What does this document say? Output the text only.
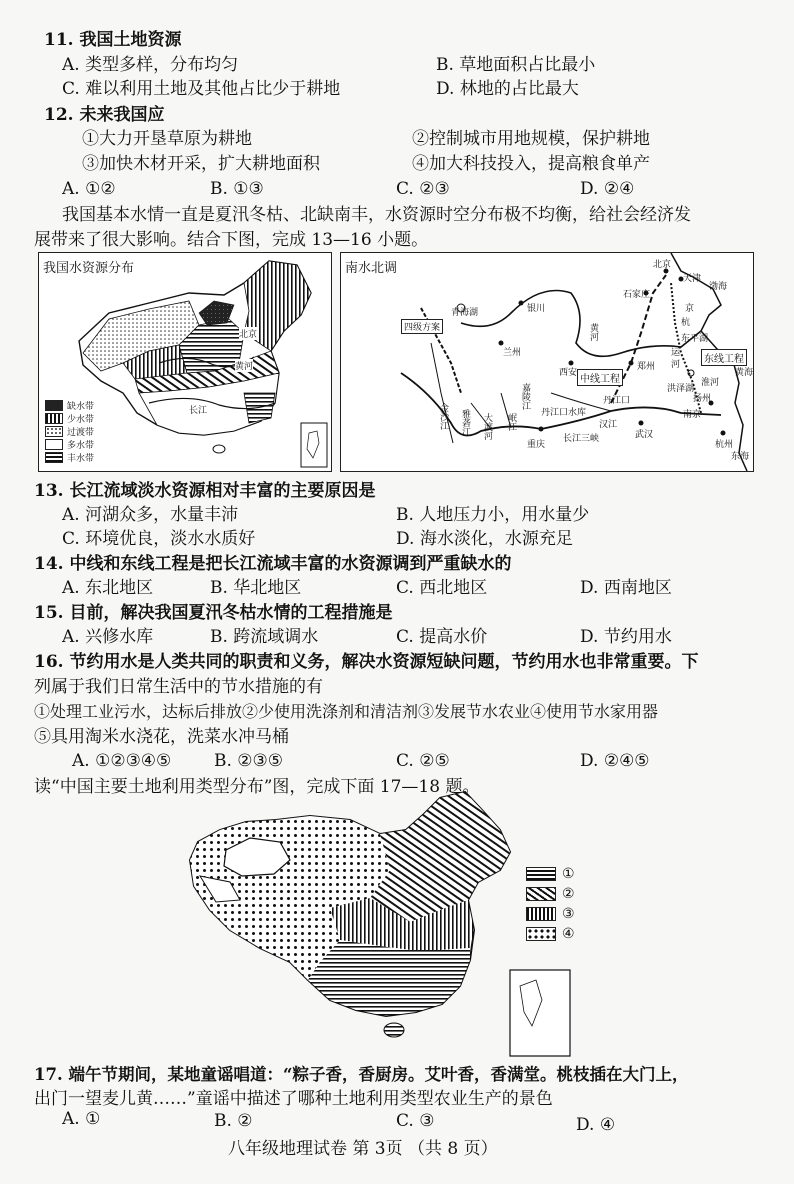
11. 我国土地资源
A. 类型多样，分布均匀	B. 草地面积占比最小
C. 难以利用土地及其他占比少于耕地	D. 林地的占比最大
12. 未来我国应
①大力开垦草原为耕地	②控制城市用地规模，保护耕地
③加快木材开采，扩大耕地面积	④加大科技投入，提高粮食单产
A. ①②	B. ①③	C. ②③	D. ②④
我国基本水情一直是夏汛冬枯、北缺南丰，水资源时空分布极不均衡，给社会经济发
展带来了很大影响。结合下图，完成 13—16 小题。
我国水资源分布
北京
黄河
长江
缺水带
少水带
过渡带
多水带
丰水带
南水北调
四级方案
中线工程
东线工程
北京
天津
渤海
石家庄
青海湖	银川
兰州
西安
郑州
东平湖
洪泽湖
扬州
南京
杭州
丹江口
丹江口水库
汉江
武汉
长江三峡
重庆
金沙江 雅砻江 大渡河 岷江
嘉陵江
黄河
黄海
京
杭
运
河
淮河
东海
13. 长江流域淡水资源相对丰富的主要原因是
A. 河湖众多，水量丰沛	B. 人地压力小，用水量少
C. 环境优良，淡水水质好	D. 海水淡化，水源充足
14. 中线和东线工程是把长江流域丰富的水资源调到严重缺水的
A. 东北地区	B. 华北地区	C. 西北地区	D. 西南地区
15. 目前，解决我国夏汛冬枯水情的工程措施是
A. 兴修水库	B. 跨流域调水	C. 提高水价	D. 节约用水
16. 节约用水是人类共同的职责和义务，解决水资源短缺问题，节约用水也非常重要。下
列属于我们日常生活中的节水措施的有
①处理工业污水，达标后排放②少使用洗涤剂和清洁剂③发展节水农业④使用节水家用器
⑤具用淘米水浇花，洗菜水冲马桶
A. ①②③④⑤	B. ②③⑤	C. ②⑤	D. ②④⑤
读“中国主要土地利用类型分布”图，完成下面 17—18 题。
①
②
③
④
17. 端午节期间，某地童谣唱道：“粽子香，香厨房。艾叶香，香满堂。桃枝插在大门上，
出门一望麦儿黄……”童谣中描述了哪种土地利用类型农业生产的景色
A. ①	B. ②	C. ③	D. ④
八年级地理试卷 第 3页 （共 8 页）
